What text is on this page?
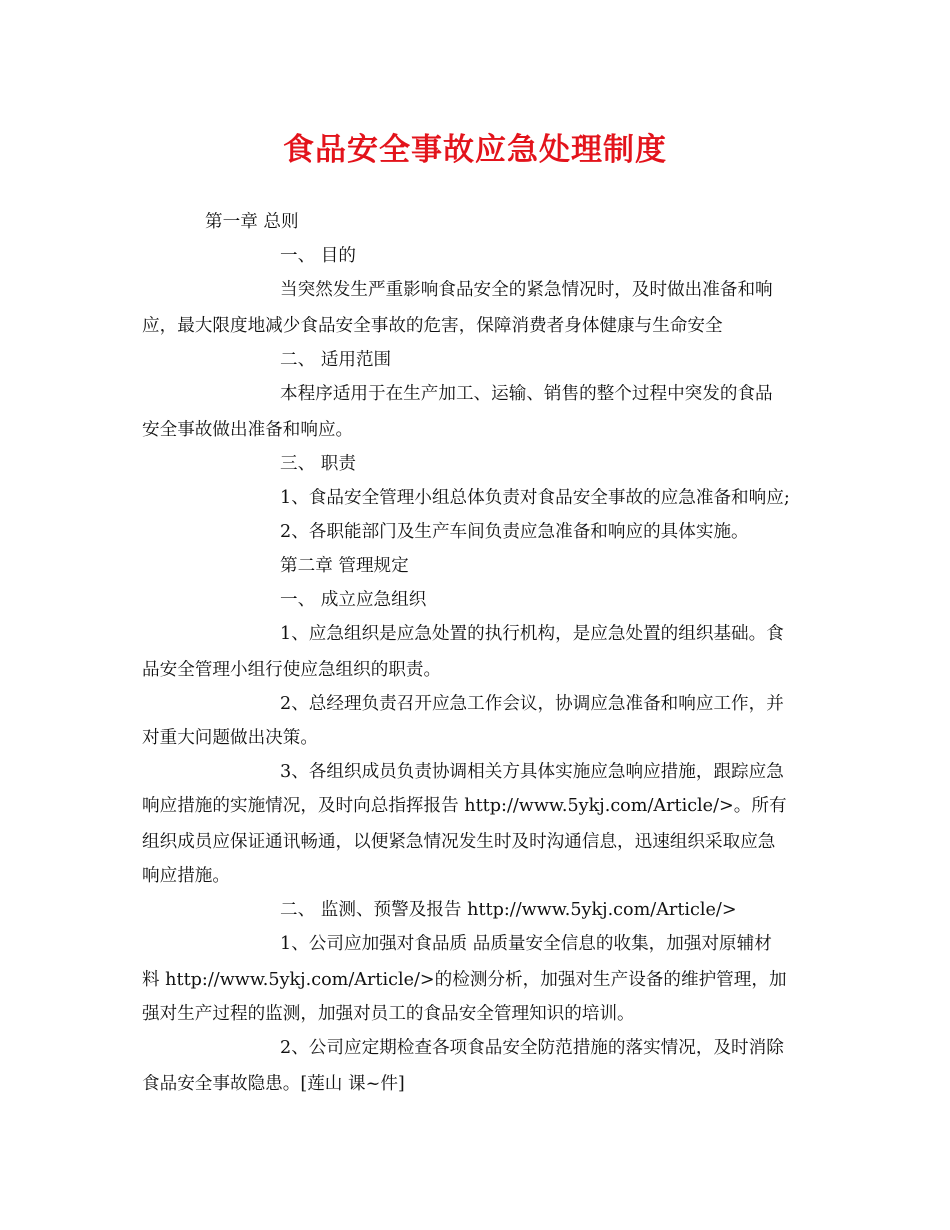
食品安全事故应急处理制度
第一章 总则
一、 目的
当突然发生严重影响食品安全的紧急情况时，及时做出准备和响
应，最大限度地减少食品安全事故的危害，保障消费者身体健康与生命安全
二、 适用范围
本程序适用于在生产加工、运输、销售的整个过程中突发的食品
安全事故做出准备和响应。
三、 职责
1、食品安全管理小组总体负责对食品安全事故的应急准备和响应;
2、各职能部门及生产车间负责应急准备和响应的具体实施。
第二章 管理规定
一、 成立应急组织
1、应急组织是应急处置的执行机构，是应急处置的组织基础。食
品安全管理小组行使应急组织的职责。
2、总经理负责召开应急工作会议，协调应急准备和响应工作，并
对重大问题做出决策。
3、各组织成员负责协调相关方具体实施应急响应措施，跟踪应急
响应措施的实施情况，及时向总指挥报告 http://www.5ykj.com/Article/>。所有
组织成员应保证通讯畅通，以便紧急情况发生时及时沟通信息，迅速组织采取应急
响应措施。
二、 监测、预警及报告 http://www.5ykj.com/Article/>
1、公司应加强对食品质 品质量安全信息的收集，加强对原辅材
料 http://www.5ykj.com/Article/>的检测分析，加强对生产设备的维护管理，加
强对生产过程的监测，加强对员工的食品安全管理知识的培训。
2、公司应定期检查各项食品安全防范措施的落实情况，及时消除
食品安全事故隐患。[莲山 课~件]
